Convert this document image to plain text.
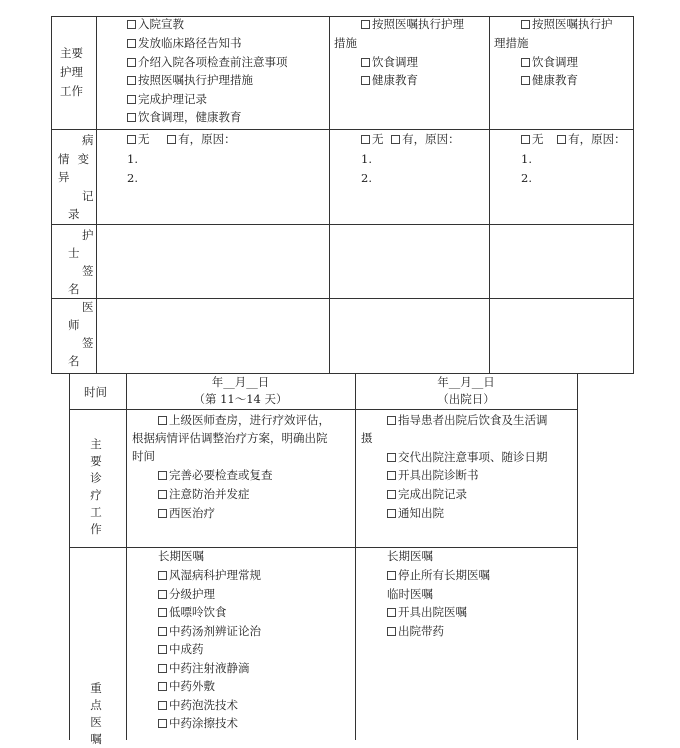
主要
护理
工作
入院宣教
发放临床路径告知书
介绍入院各项检查前注意事项
按照医嘱执行护理措施
完成护理记录
饮食调理，健康教育
按照医嘱执行护理
措施
饮食调理
健康教育
按照医嘱执行护
理措施
饮食调理
健康教育
病
情变
异
记
录
无 有，原因：
1.
2.
无 有，原因：
1.
2.
无 有，原因：
1.
2.
护
士
签
名
医
师
签
名
时间
年__月__日
（第 11～14 天）
年__月__日
（出院日）
主
要
诊
疗
工
作
上级医师查房，进行疗效评估，
根据病情评估调整治疗方案，明确出院
时间
完善必要检查或复查
注意防治并发症
西医治疗
指导患者出院后饮食及生活调
摄
交代出院注意事项、随诊日期
开具出院诊断书
完成出院记录
通知出院
重
点
医
嘱
长期医嘱
风湿病科护理常规
分级护理
低嘌呤饮食
中药汤剂辨证论治
中成药
中药注射液静滴
中药外敷
中药泡洗技术
中药涂擦技术
长期医嘱
停止所有长期医嘱
临时医嘱
开具出院医嘱
出院带药
